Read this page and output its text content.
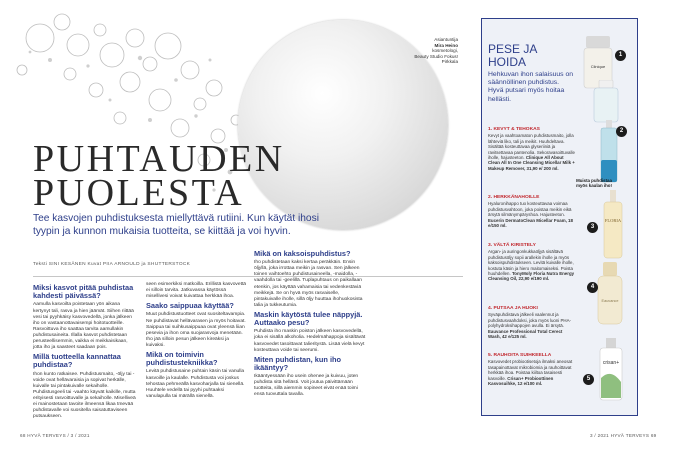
Asiantuntija
Mira Heino
kosmetologi,
Beauty Studio Fokus!
Pirkkala
PUHTAUDEN
PUOLESTA

Tee kasvojen puhdistuksesta miellyttävä rutiini. Kun käytät ihosi tyypin ja kunnon mukaisia tuotteita, se kiittää ja voi hyvin.

Teksti SINI KESÄNEN Kuvat PIIA ARNOULD ja SHUTTERSTOCK

Miksi kasvot pitää puhdistaa kahdesti päivässä?

Aamulla kasvoilta poistetaan yön aikana kertynyt tali, rasva ja hien jäämät. Siihen riittää vesi tai pyyhkäisy kasvovedellä, jonka jälkeen iho on vastaanottavaisempi hoitotuotteille. Rasvoittuva iho saattaa tarvita aamullakin puhdistusaineita. Illalla kasvot puhdistetaan perusteellisemmin, vaikka ei meikkaisikaan, jotta iho ja saasteet saadaan pois.

Millä tuotteella kannattaa puhdistaa?

Ihon kunto ratkaisee. Puhdistusmaito, -öljy tai -voide ovat hellävaraisia ja sopivat herkälle, kuivalle tai pintakuivalle sekaiholle. Puhdistusgeeli tai -vaahto käyvät kaikille, mutta erityisesti rasvoittuvalle ja sekaiholle. Miselliveä ei mainostetaan tavoite ilmeensä likaa tmevää puhdistavalle voi suositella saisatuttaviseen putsaukseen.

seen esimerkiksi matkoilla. Erillistä kasvovettä ei silloin tarvita. Jatkuvassa käytössä misellivesi voivat kuivattaa herkkää ihoa.

Saako saippuaa käyttää?

Muut puhdistustuotteet ovat suositeltavampia. Ne puhdistavat hellävarasen ja myös hoitavat. Saippua tai suihkusaippuaa ovat yleensä liian pesevia ja ihon oma suojarasvoja menetään. Iho jää silloin pesun jälkeen kireäksi ja kuivaksi.

Mikä on toimivin puhdistustekniikka?

Levitä puhdistusaine puhtain käsin tai vanulla kasvoille ja kaulalle. Puhdistusta voi joskus tehostaa pehmeällä kasvoharjalla tai sienellä. Huuhtele vedellä tai pyyhi puhtaaksi vanulapulla tai märällä sienellä.

Mikä on kaksoispuhdistus?

Iho puhdistetaan kaksi kertaa peräkkäin. Ensin öljyllä, joka irrottaa meikin ja rasvan. Sen jälkeen toinen vaihtoehto puhdistusaineella, -maidolla, -vaahdolla tai -geelillä. Tuplapuhtaus on paikallaan etenkin, jos käyttää vahamaisia tai vedenkestäviä meikkejä. Se on hyvä myös rasvaiselle, pintakuivalle iholle, sillä öljy huuttaa ihohuokosista talia ja tukkeutumia.

Maskin käytöstä tulee näppyjä. Auttaako pesu?

Puhdista iho maskin poiston jälkeen kasvovedellä, joka ei sisällä alkoholia. Hedelmähappoja sisältävät kasvovedet tasoittavat talieritystä. Lisää vielä kevyt kosteuttava voide tai seerumi.

Miten puhdistan, kun iho ikääntyy?

Ikääntyessään iho usein ohenee ja kuivuu, joten puhdista sitä hellästi. Voit joutua päivittämään tuotteita, sillä aiemmin sopineet eivät enää toimi ensä tuovuttala tavalla.

PESE JA HOIDA

Hehkuvan ihon salaisuus on säännöllinen puhdistus. Hyvä putsari myös hoitaa hellästi.

1. KEVYT & TEHOKAS
Kevyt ja vaahtoamaton puhdistusmaito, jolla lähteviä liko, tali ja meikit. Huuhdeltava. Sisältää kosteuttavaa glyseriiniä ja ravitsettavaa pantenolia. Sekoravasoittuvalle iholle, hajusteeton. Clinique All About Clean All In One Cleansing Micellar Milk + Makeup Remover, 31,90 e/ 200 ml.
2. HERKKÄNAHOILLE
Hyaluronihappo tuo kosteuttavaa voimaa puhdistusvahtoon, joka poistaa meikin eikä ärsytä silmänympäryshoa. Hajusteeton. Eucerin DermatoClean Micellar Foam, 18 e/150 ml.
3. VÄLTÄ KIRISTELY
Argan- ja auringonkukkaöljyä sisältävä puhdistusöljy sopii arallekin iholle ja myös kaksoispuhdistukseen. Levitä kuivalle iholle, kostuta käsin ja hiero maitomaiseksi. Poista huuhdellen. TonyMoly Floria Nutra Energy Cleansing Oil, 22,90 e/190 ml.
4. PUTSAA JA HUOKI
Syväpuhdistava jälkeeli vaalennut ja puhdistusvaahdoksi, joka myös luoni PHA-polyhydroksihappojen avulla. Ei ärsytä. Eauvance Professional Total Cerect Wash, 42 e/125 ml.
5. RAUHOITA SUIHKEELLA
Kasvovedet probiootisetoja ilmaksi aneosat tasapainottavat mikrobiomia ja rauhoittavat herkkää ihoa. Poistaa kiiltoa tasaisesti kasvoille. Crisan+ Probioottinen Kasvosuihke, 12 e/100 ml.
Clinique
FLORIA
Eauvance
crisan+
1
2
3
4
5
Muista puhdistaa myös kaulan iho!
68 HYVÄ TERVEYS / 3 / 2021	3 / 2021 HYVÄ TERVEYS 69
